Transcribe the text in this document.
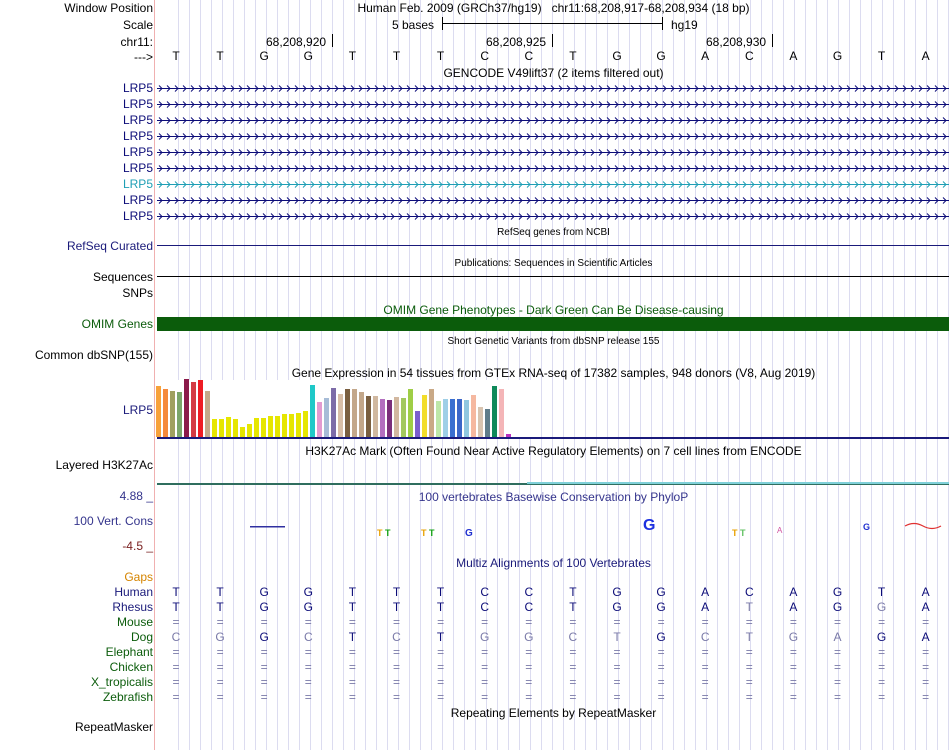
Window Position	Human Feb. 2009 (GRCh37/hg19)   chr11:68,208,917-68,208,934 (18 bp)
Scale	5 bases	hg19
chr11:	68,208,920	68,208,925	68,208,930
--->	T	T	G	G	T	T	T	C	C	T	G	G	A	C	A	G	T	A
GENCODE V49lift37 (2 items filtered out)
LRP5
LRP5
LRP5
LRP5
LRP5
LRP5
LRP5
LRP5
LRP5
RefSeq genes from NCBI
RefSeq Curated
Publications: Sequences in Scientific Articles
Sequences
SNPs
OMIM Gene Phenotypes - Dark Green Can Be Disease-causing
OMIM Genes
Short Genetic Variants from dbSNP release 155
Common dbSNP(155)
Gene Expression in 54 tissues from GTEx RNA-seq of 17382 samples, 948 donors (V8, Aug 2019)
LRP5
H3K27Ac Mark (Often Found Near Active Regulatory Elements) on 7 cell lines from ENCODE
Layered H3K27Ac
4.88 _	100 vertebrates Basewise Conservation by PhyloP
100 Vert. Cons
-4.5 _
T T	T T	G	G	T T	A	G
Multiz Alignments of 100 Vertebrates
Gaps
Human	T	T	G	G	T	T	T	C	C	T	G	G	A	C	A	G	T	A
Rhesus	T	T	G	G	T	T	T	C	C	T	G	G	A	T	A	G	G	A
Mouse	=	=	=	=	=	=	=	=	=	=	=	=	=	=	=	=	=	=
Dog	C	G	G	C	T	C	T	G	G	C	T	G	C	T	G	A	G	A
Elephant	=	=	=	=	=	=	=	=	=	=	=	=	=	=	=	=	=	=
Chicken	=	=	=	=	=	=	=	=	=	=	=	=	=	=	=	=	=	=
X_tropicalis	=	=	=	=	=	=	=	=	=	=	=	=	=	=	=	=	=	=
Zebrafish	=	=	=	=	=	=	=	=	=	=	=	=	=	=	=	=	=	=
Repeating Elements by RepeatMasker
RepeatMasker
